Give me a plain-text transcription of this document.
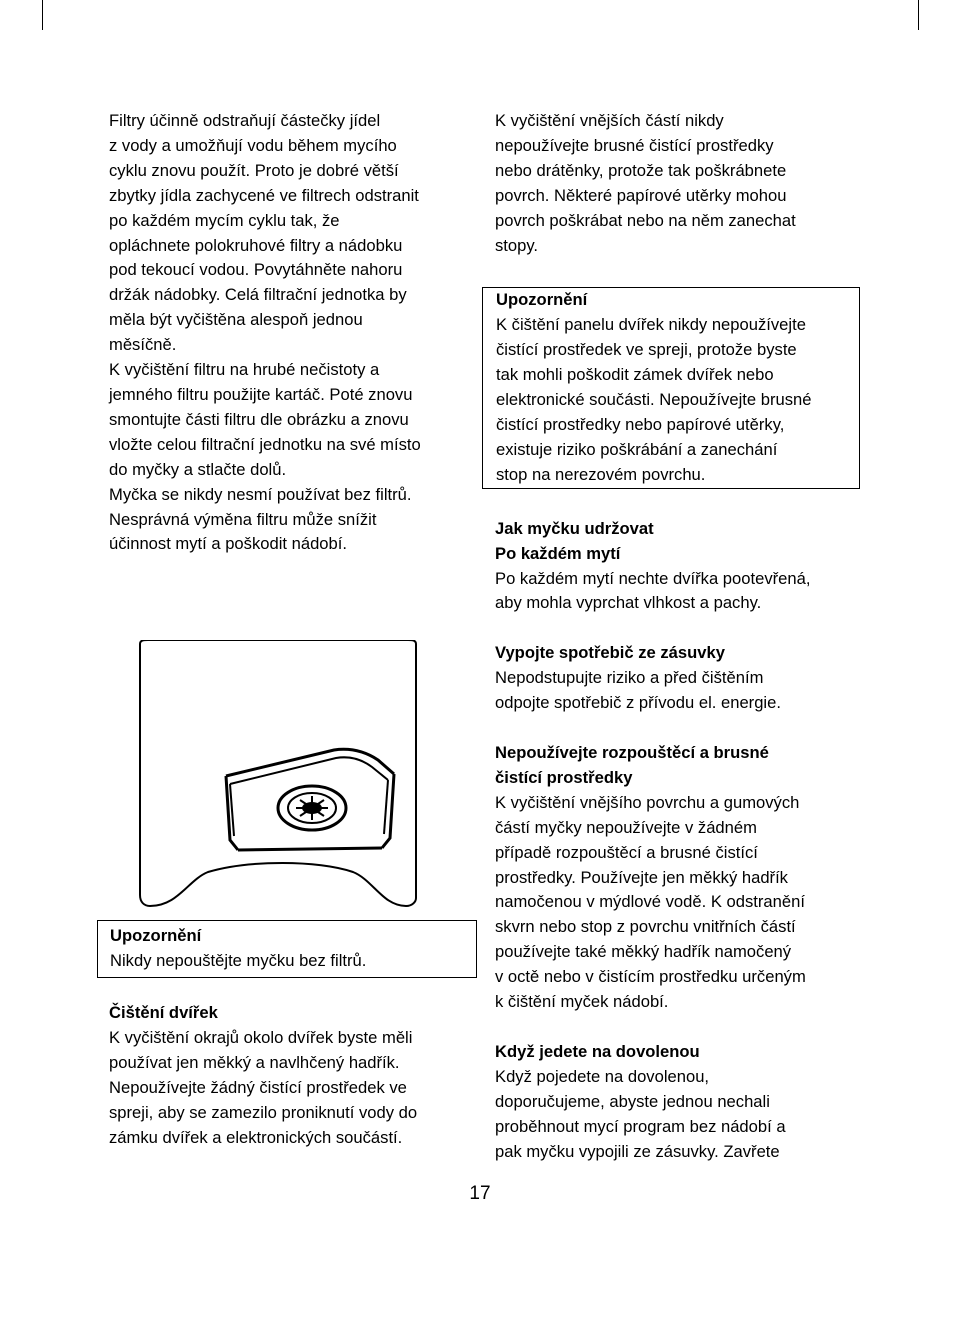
Filtry účinně odstraňují částečky jídel
z vody a umožňují vodu během mycího
cyklu znovu použít. Proto je dobré větší
zbytky jídla zachycené ve filtrech odstranit
po každém mycím cyklu tak, že
opláchnete polokruhové filtry a nádobku
pod tekoucí vodou. Povytáhněte nahoru
držák nádobky. Celá filtrační jednotka by
měla být vyčištěna alespoň jednou
měsíčně.
K vyčištění filtru na hrubé nečistoty a
jemného filtru použijte kartáč. Poté znovu
smontujte části filtru dle obrázku a znovu
vložte celou filtrační jednotku na své místo
do myčky a stlačte dolů.
Myčka se nikdy nesmí používat bez filtrů.
Nesprávná výměna filtru může snížit
účinnost mytí a poškodit nádobí.

Upozornění

Nikdy nepouštějte myčku bez filtrů.

Čištění dvířek

K vyčištění okrajů okolo dvířek byste měli
používat jen měkký a navlhčený hadřík.
Nepoužívejte žádný čistící prostředek ve
spreji, aby se zamezilo proniknutí vody do
zámku dvířek a elektronických součástí.

K vyčištění vnějších částí nikdy
nepoužívejte brusné čistící prostředky
nebo drátěnky, protože tak poškrábnete
povrch. Některé papírové utěrky mohou
povrch poškrábat nebo na něm zanechat
stopy.

Upozornění

K čištění panelu dvířek nikdy nepoužívejte
čistící prostředek ve spreji, protože byste
tak mohli poškodit zámek dvířek nebo
elektronické součásti. Nepoužívejte brusné
čistící prostředky nebo papírové utěrky,
existuje riziko poškrábání a zanechání
stop na nerezovém povrchu.

Jak myčku udržovat

Po každém mytí

Po každém mytí nechte dvířka pootevřená,
aby mohla vyprchat vlhkost a pachy.

Vypojte spotřebič ze zásuvky

Nepodstupujte riziko a před čištěním
odpojte spotřebič z přívodu el. energie.

Nepoužívejte rozpouštěcí a brusné
čistící prostředky

K vyčištění vnějšího povrchu a gumových
částí myčky nepoužívejte v žádném
případě rozpouštěcí a brusné čistící
prostředky. Používejte jen měkký hadřík
namočenou v mýdlové vodě. K odstranění
skvrn nebo stop z povrchu vnitřních částí
používejte také měkký hadřík namočený
v octě nebo v čistícím prostředku určeným
k čištění myček nádobí.

Když jedete na dovolenou

Když pojedete na dovolenou,
doporučujeme, abyste jednou nechali
proběhnout mycí program bez nádobí a
pak myčku vypojili ze zásuvky. Zavřete

17
